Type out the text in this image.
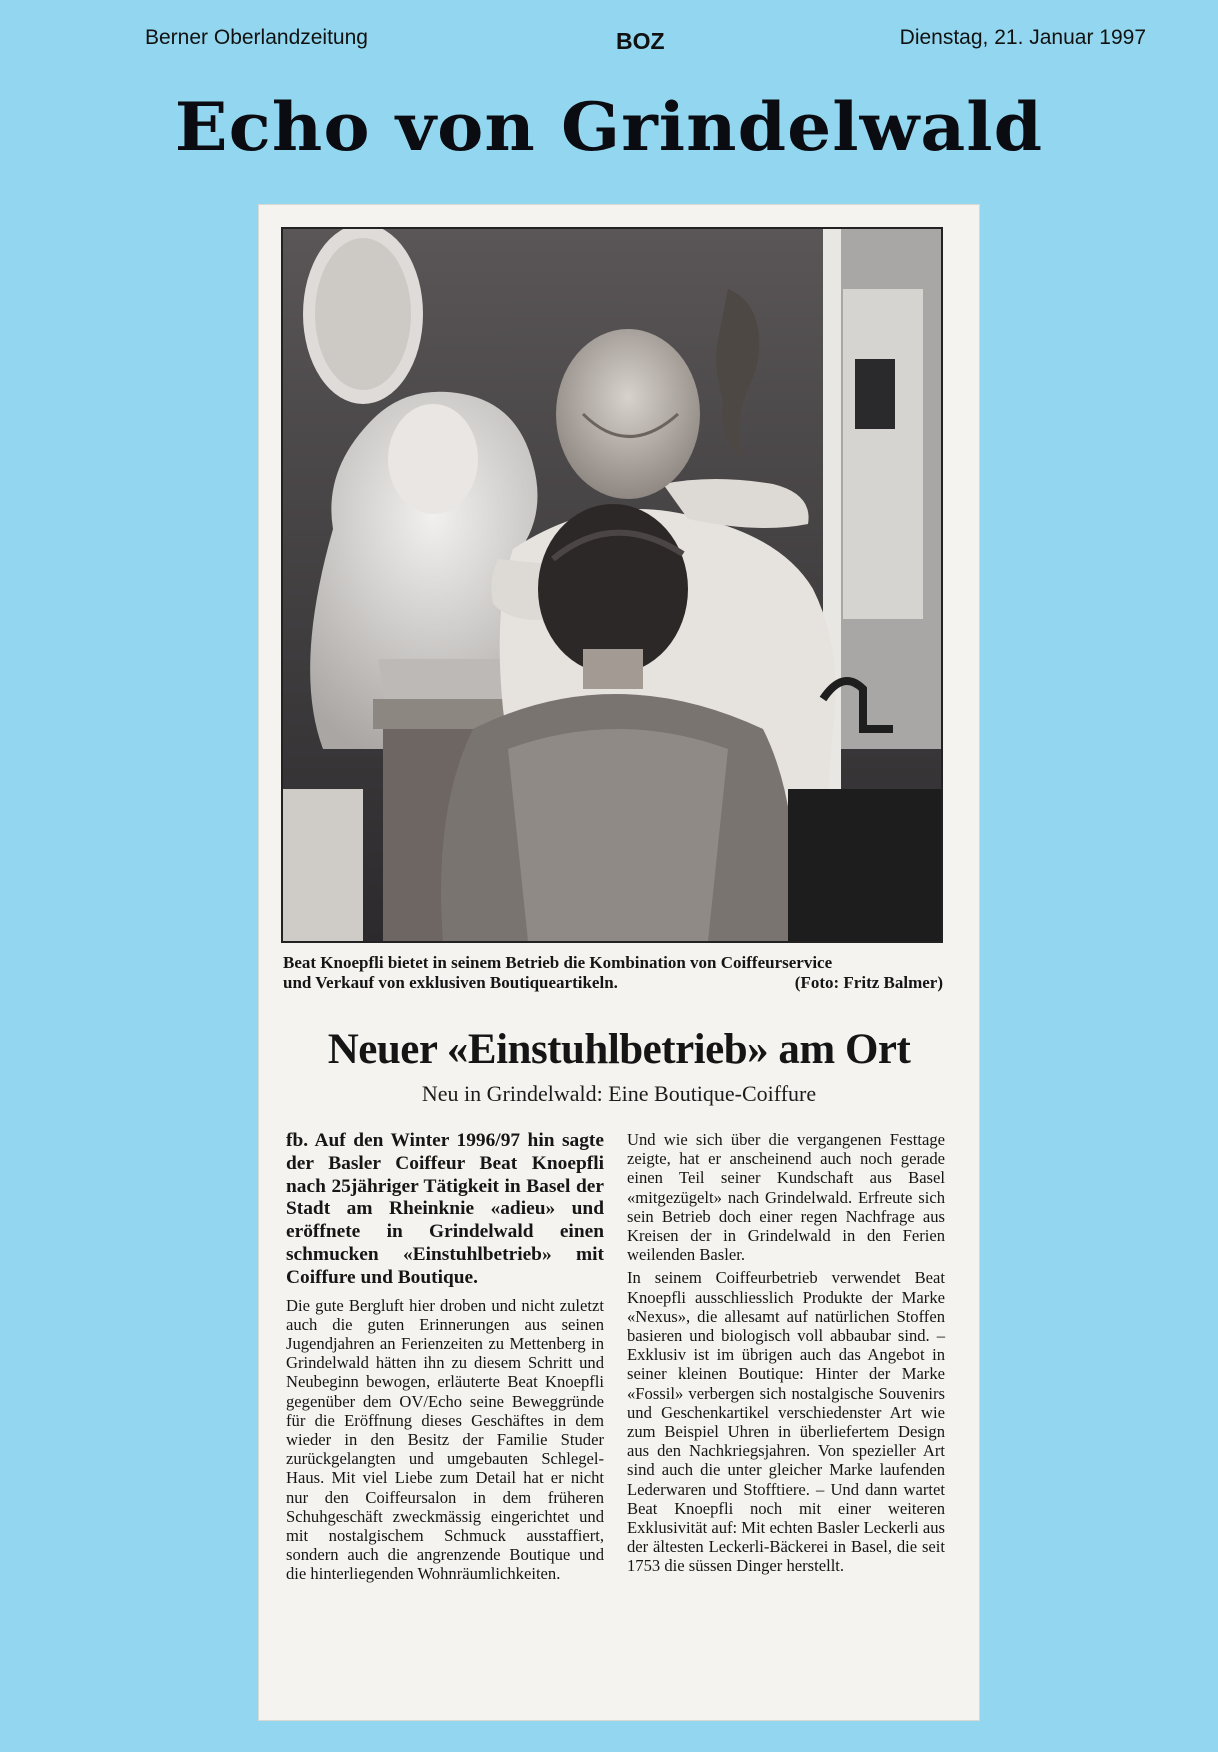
Berner Oberlandzeitung	BOZ	Dienstag, 21. Januar 1997
Echo von Grindelwald
Beat Knoepfli bietet in seinem Betrieb die Kombination von Coiffeurservice
und Verkauf von exklusiven Boutiqueartikeln.	(Foto: Fritz Balmer)
Neuer «Einstuhlbetrieb» am Ort
Neu in Grindelwald: Eine Boutique-Coiffure

fb. Auf den Winter 1996/97 hin sagte der Basler Coiffeur Beat Knoepfli nach 25jähriger Tätigkeit in Basel der Stadt am Rheinknie «adieu» und eröffnete in Grindelwald einen schmucken «Einstuhlbetrieb» mit Coiffure und Boutique.

Die gute Bergluft hier droben und nicht zuletzt auch die guten Erinnerungen aus seinen Jugendjahren an Ferienzeiten zu Mettenberg in Grindelwald hätten ihn zu diesem Schritt und Neubeginn bewogen, erläuterte Beat Knoepfli gegenüber dem OV/Echo seine Beweggründe für die Eröffnung dieses Geschäftes in dem wieder in den Besitz der Familie Studer zurückgelangten und umgebauten Schlegel-Haus. Mit viel Liebe zum Detail hat er nicht nur den Coiffeursalon in dem früheren Schuhgeschäft zweckmässig eingerichtet und mit nostalgischem Schmuck ausstaffiert, sondern auch die angrenzende Boutique und die hinterliegenden Wohnräumlichkeiten.

Und wie sich über die vergangenen Festtage zeigte, hat er anscheinend auch noch gerade einen Teil seiner Kundschaft aus Basel «mitgezügelt» nach Grindelwald. Erfreute sich sein Betrieb doch einer regen Nachfrage aus Kreisen der in Grindelwald in den Ferien weilenden Basler.

In seinem Coiffeurbetrieb verwendet Beat Knoepfli ausschliesslich Produkte der Marke «Nexus», die allesamt auf natürlichen Stoffen basieren und biologisch voll abbaubar sind. – Exklusiv ist im übrigen auch das Angebot in seiner kleinen Boutique: Hinter der Marke «Fossil» verbergen sich nostalgische Souvenirs und Geschenkartikel verschiedenster Art wie zum Beispiel Uhren in überliefertem Design aus den Nachkriegsjahren. Von spezieller Art sind auch die unter gleicher Marke laufenden Lederwaren und Stofftiere. – Und dann wartet Beat Knoepfli noch mit einer weiteren Exklusivität auf: Mit echten Basler Leckerli aus der ältesten Leckerli-Bäckerei in Basel, die seit 1753 die süssen Dinger herstellt.
